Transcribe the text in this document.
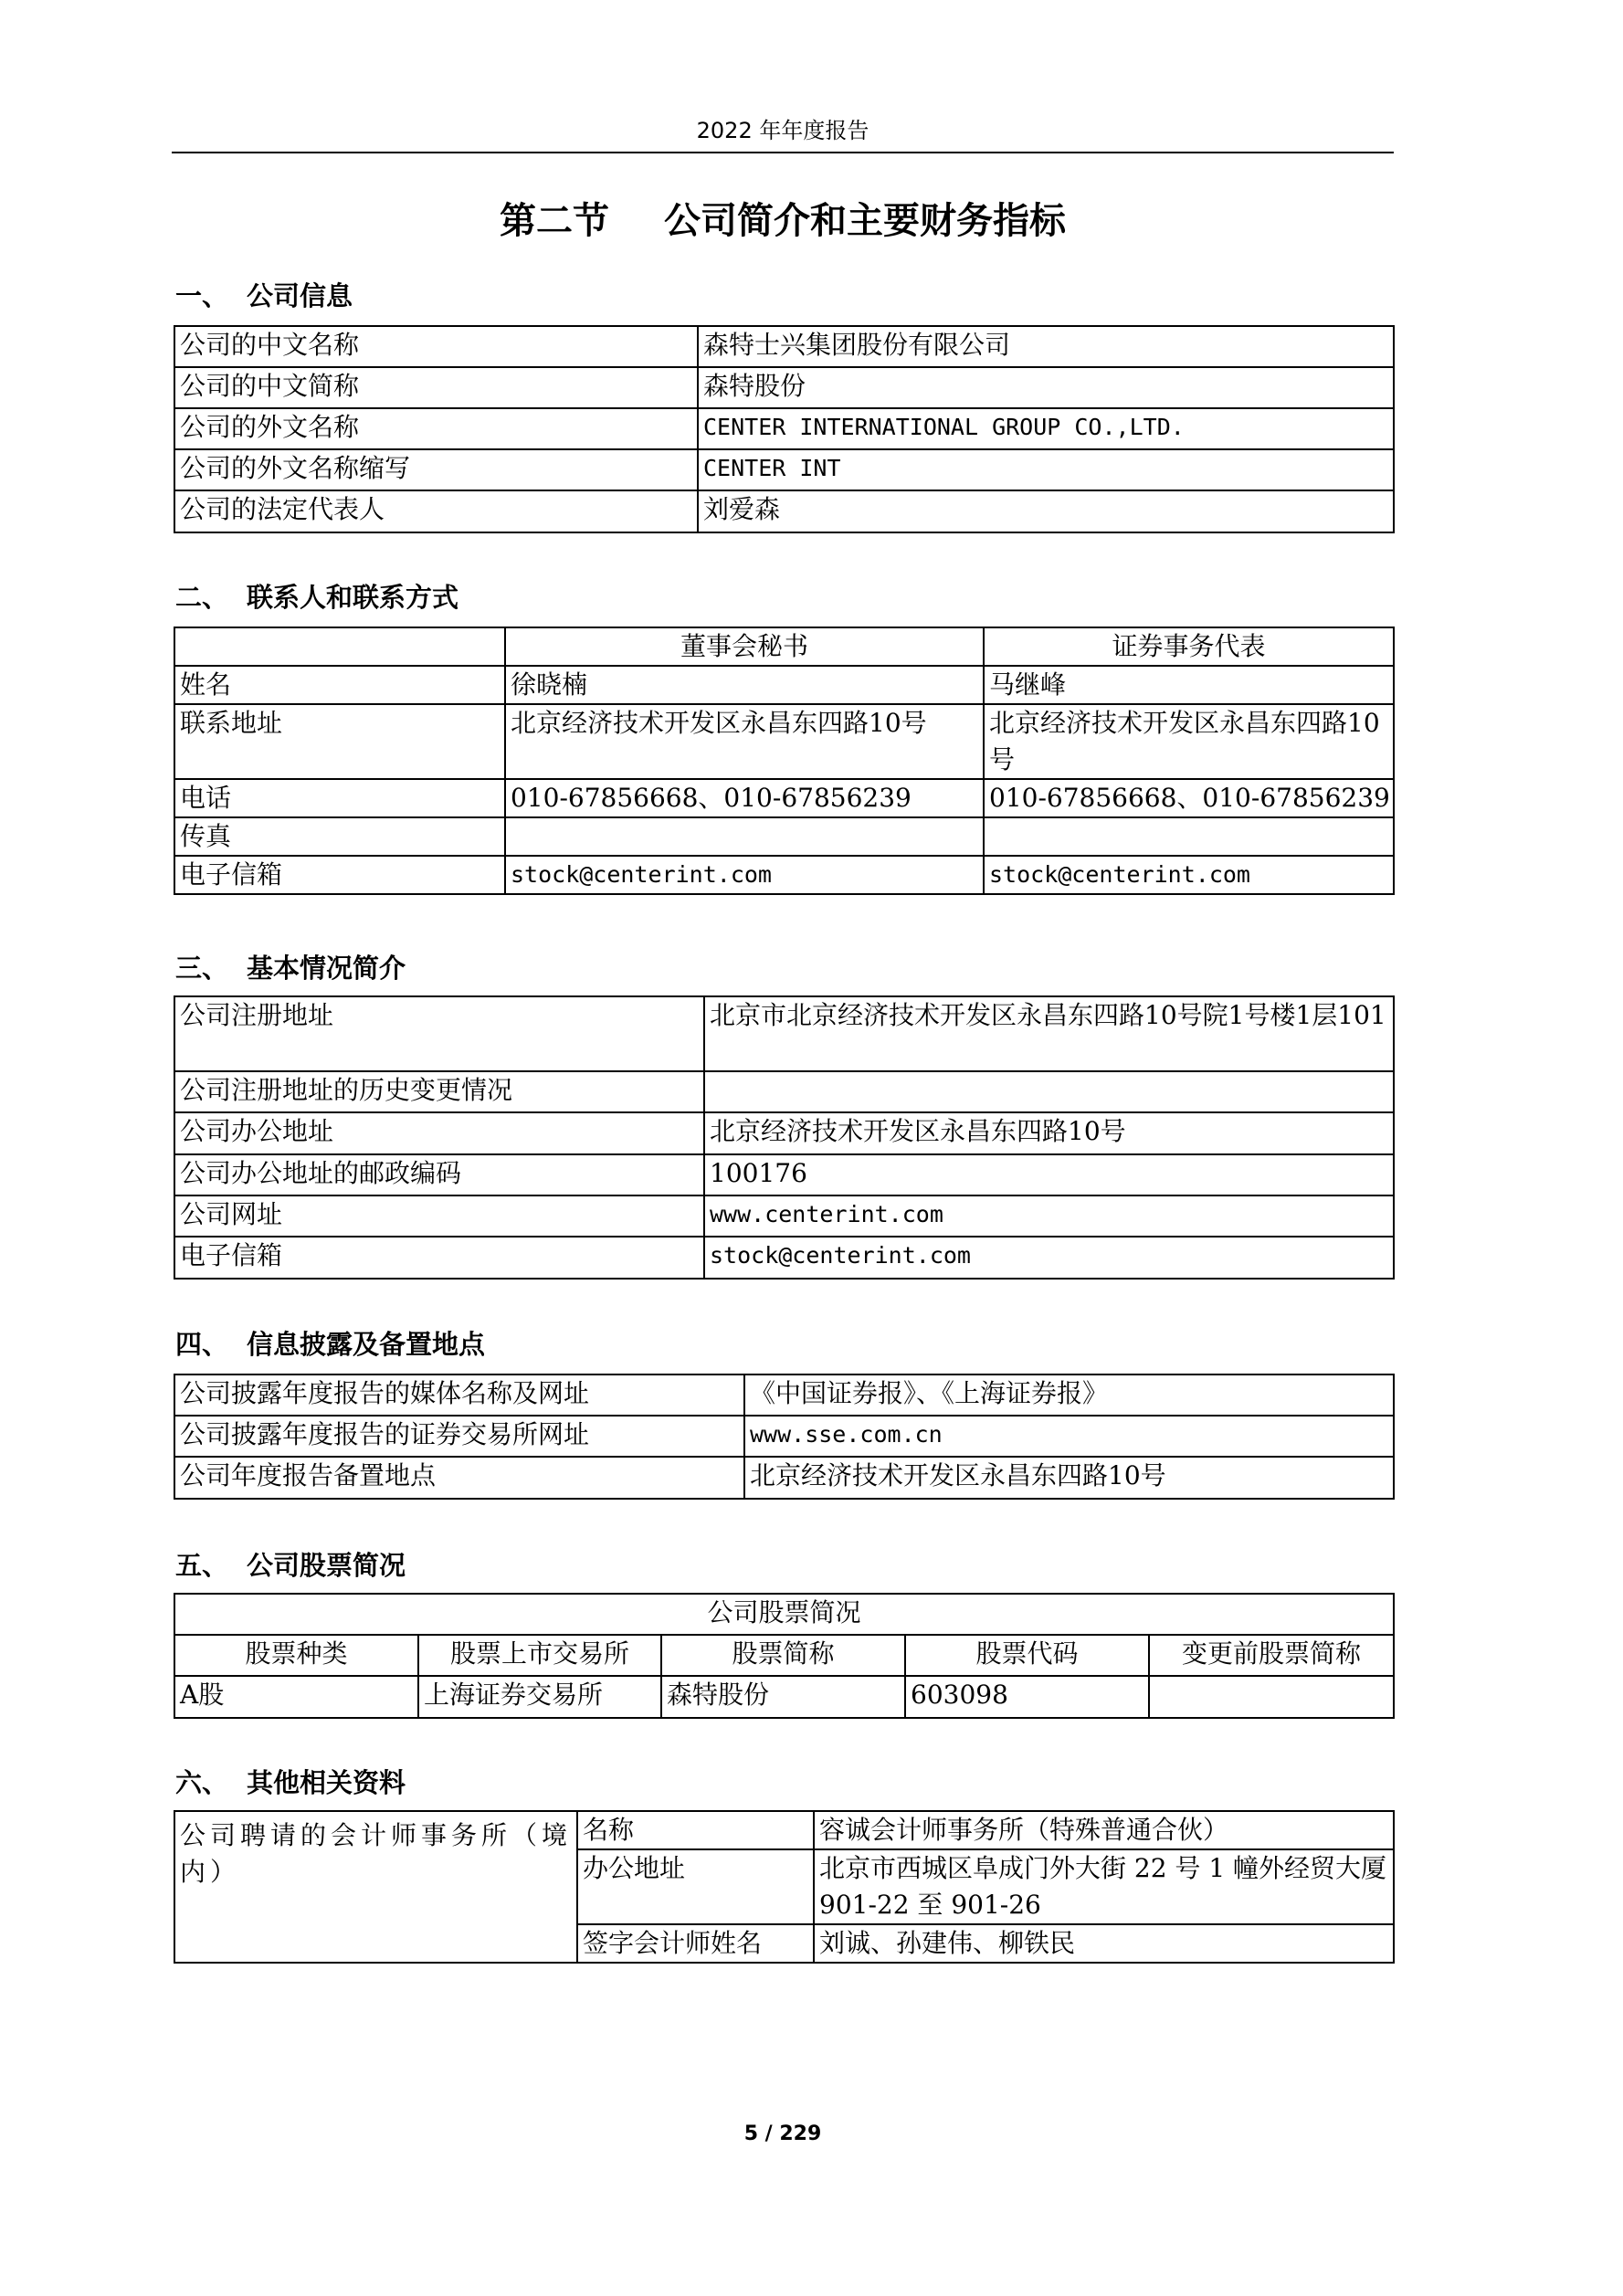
2022 年年度报告
第二节 公司简介和主要财务指标
一、 公司信息
公司的中文名称	森特士兴集团股份有限公司
公司的中文简称	森特股份
公司的外文名称	CENTER INTERNATIONAL GROUP CO.,LTD.
公司的外文名称缩写	CENTER INT
公司的法定代表人	刘爱森
二、 联系人和联系方式
	董事会秘书	证券事务代表
姓名	徐晓楠	马继峰
联系地址	北京经济技术开发区永昌东四路10号	北京经济技术开发区永昌东四路10号
电话	010-67856668、010-67856239	010-67856668、010-67856239
传真		
电子信箱	stock@centerint.com	stock@centerint.com
三、 基本情况简介
公司注册地址	北京市北京经济技术开发区永昌东四路10号院1号楼1层101
公司注册地址的历史变更情况	
公司办公地址	北京经济技术开发区永昌东四路10号
公司办公地址的邮政编码	100176
公司网址	www.centerint.com
电子信箱	stock@centerint.com
四、 信息披露及备置地点
公司披露年度报告的媒体名称及网址	《中国证券报》、《上海证券报》
公司披露年度报告的证券交易所网址	www.sse.com.cn
公司年度报告备置地点	北京经济技术开发区永昌东四路10号
五、 公司股票简况
公司股票简况				
股票种类	股票上市交易所	股票简称	股票代码	变更前股票简称
A股	上海证券交易所	森特股份	603098	
六、 其他相关资料
公司聘请的会计师事务所（境内）	名称	容诚会计师事务所（特殊普通合伙）
	办公地址	北京市西城区阜成门外大街 22 号 1 幢外经贸大厦 901-22 至 901-26
	签字会计师姓名	刘诚、孙建伟、柳铁民
5 / 229
